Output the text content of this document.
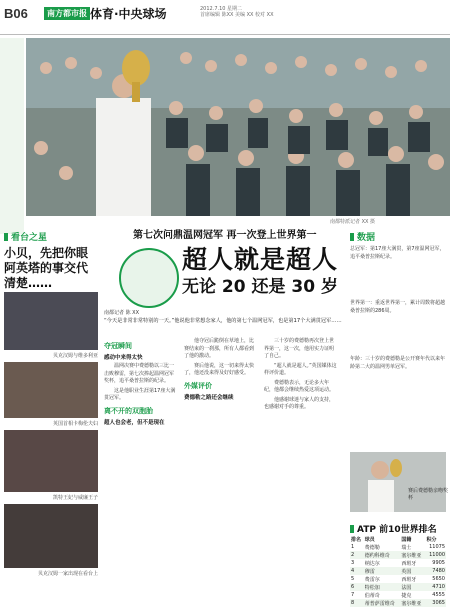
B06	南方都市报 体育·中央球场	2012.7.10 星期二
首席编辑 陈XX 美编 XX 校对 XX
南都特派记者 XX 摄
看台之星
小贝，先把你眼阿英塔的事交代清楚……
贝克汉姆与维多利亚
英国首相卡梅伦夫妇
凯特王妃与威廉王子
贝克汉姆一家出现在看台上
第七次问鼎温网冠军 再一次登上世界第一
超人就是超人
无论 20 还是 30 岁
南都记者 陈 XX
“今天是非常非常特别的一天。”他说他非常想念家人，他的第七个温网冠军，也是第17个大满贯冠军……
夺冠瞬间
感动中来得太快

温网决赛中费德勒以三比一击败穆雷，第七次捧起温网冠军奖杯，追平桑普拉斯的纪录。

这是他职业生涯第17座大满贯冠军。

离不开的双胞胎
超人也会老，但不是现在

他夺冠后跪倒在草地上，比赛结束的一刹那，所有人都看到了他的激动。

赛后他说，这一切来得太快了，他还没来得及好好感受。

外媒评价
费德勒之路还会继续

三十岁的费德勒再次登上世界第一，这一次，他用实力证明了自己。

“超人就是超人。”英国媒体这样评价道。

费德勒表示，无论多大年纪，他都会继续热爱这项运动。

他感谢球迷与家人的支持，也感谢对手的尊重。

数据
总冠军：第17座大满贯，第7座温网冠军，追平桑普拉斯纪录。
世界第一：重返世界第一，累计周数将超越桑普拉斯的286周。
年龄：三十岁的费德勒是公开赛年代以来年龄第二大的温网男单冠军。
赛后费德勒亲吻奖杯
ATP 前10世界排名
排名	球员	国籍	积分
1	费德勒	瑞士	11075
2	德约科维奇	塞尔维亚	11000
3	纳达尔	西班牙	9905
4	穆雷	英国	7480
5	费雷尔	西班牙	5650
6	特松加	法国	4710
7	伯蒂奇	捷克	4555
8	蒂普萨雷维奇	塞尔维亚	3065
